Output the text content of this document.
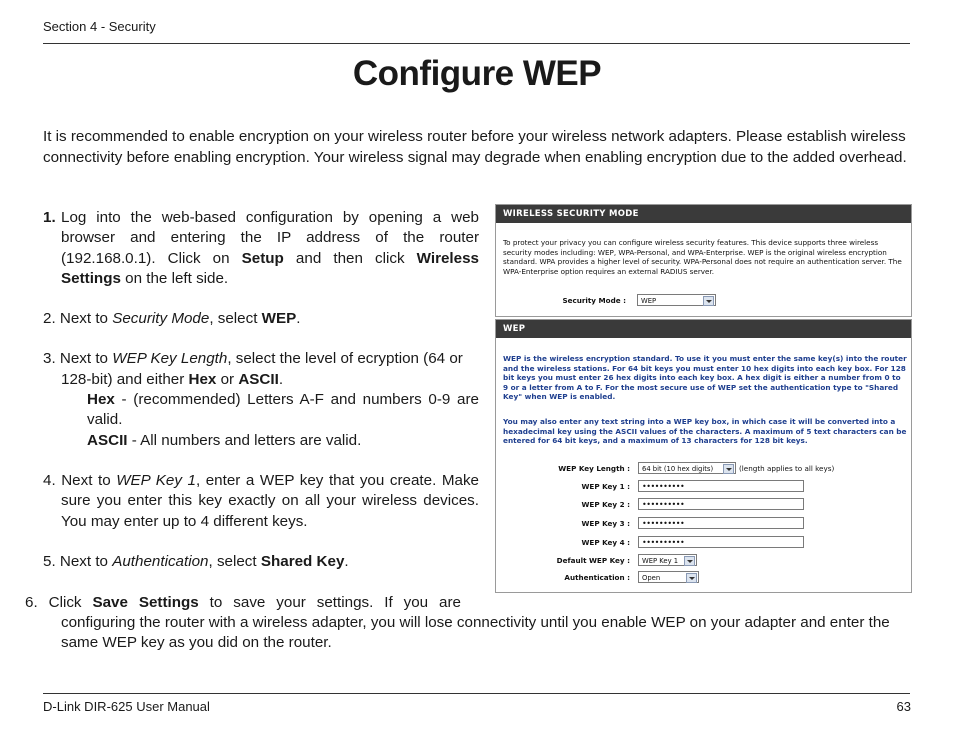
Section 4 - Security
Configure WEP
It is recommended to enable encryption on your wireless router before your wireless network adapters. Please establish wireless connectivity before enabling encryption. Your wireless signal may degrade when enabling encryption due to the added overhead.
1. Log into the web-based configuration by opening a web browser and entering the IP address of the router (192.168.0.1). Click on Setup and then click Wireless Settings on the left side.
2. Next to Security Mode, select WEP.
3. Next to WEP Key Length, select the level of ecryption (64 or 128-bit) and either Hex or ASCII.
Hex - (recommended) Letters A-F and numbers 0-9 are valid.
ASCII - All numbers and letters are valid.
4. Next to WEP Key 1, enter a WEP key that you create. Make sure you enter this key exactly on all your wireless devices. You may enter up to 4 different keys.
5. Next to Authentication, select Shared Key.
6. Click Save Settings to save your settings. If you are
configuring the router with a wireless adapter, you will lose connectivity until you enable WEP on your adapter and enter the same WEP key as you did on the router.
WIRELESS SECURITY MODE
To protect your privacy you can configure wireless security features. This device supports three wireless security modes including: WEP, WPA-Personal, and WPA-Enterprise. WEP is the original wireless encryption standard. WPA provides a higher level of security. WPA-Personal does not require an authentication server. The WPA-Enterprise option requires an external RADIUS server.
Security Mode :	WEP
WEP
WEP is the wireless encryption standard. To use it you must enter the same key(s) into the router and the wireless stations. For 64 bit keys you must enter 10 hex digits into each key box. For 128 bit keys you must enter 26 hex digits into each key box. A hex digit is either a number from 0 to 9 or a letter from A to F. For the most secure use of WEP set the authentication type to "Shared Key" when WEP is enabled.
You may also enter any text string into a WEP key box, in which case it will be converted into a hexadecimal key using the ASCII values of the characters. A maximum of 5 text characters can be entered for 64 bit keys, and a maximum of 13 characters for 128 bit keys.
WEP Key Length :	64 bit (10 hex digits)	(length applies to all keys)
WEP Key 1 :	••••••••••
WEP Key 2 :	••••••••••
WEP Key 3 :	••••••••••
WEP Key 4 :	••••••••••
Default WEP Key :	WEP Key 1
Authentication :	Open
D-Link DIR-625 User Manual	63
